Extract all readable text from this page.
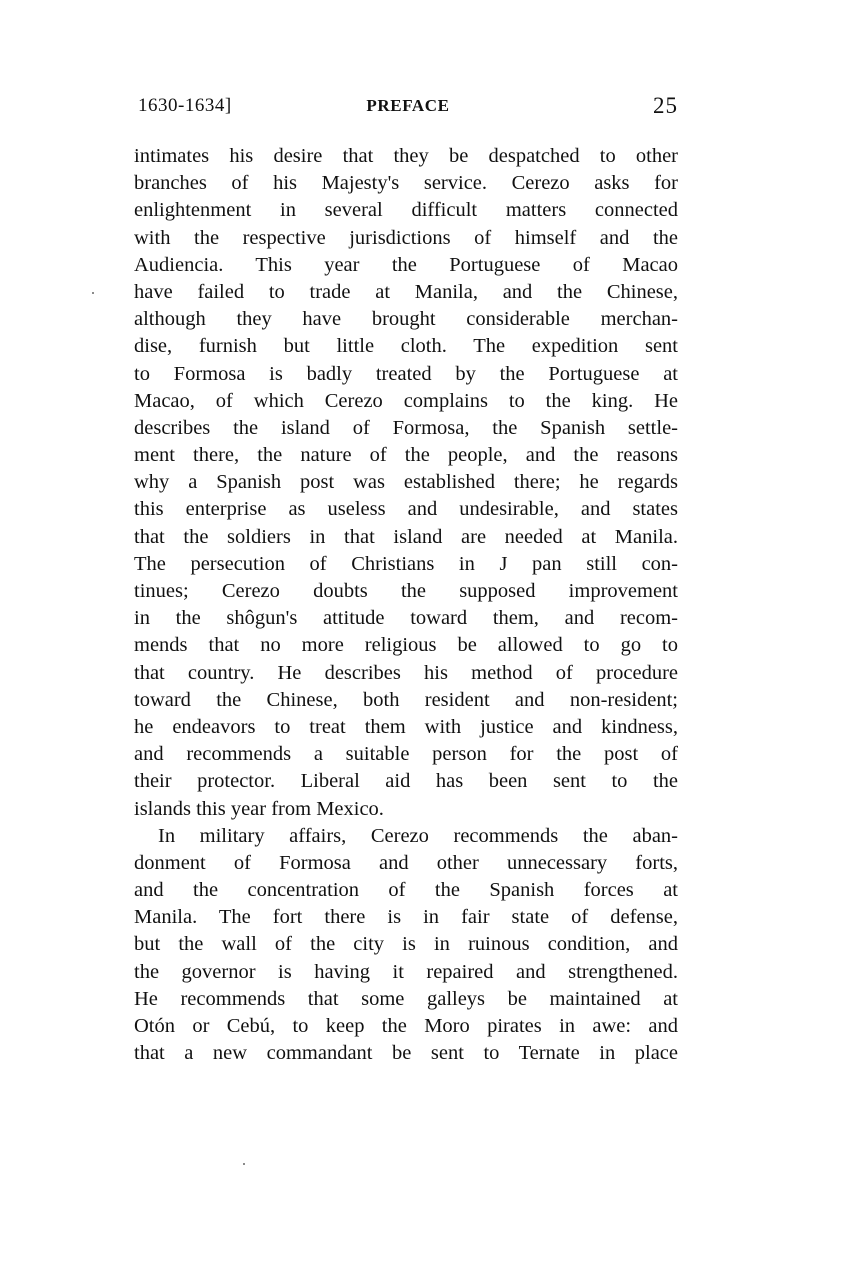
1630-1634]	PREFACE	25
intimates his desire that they be despatched to other
branches of his Majesty's service. Cerezo asks for
enlightenment in several difficult matters connected
with the respective jurisdictions of himself and the
Audiencia. This year the Portuguese of Macao
have failed to trade at Manila, and the Chinese,
although they have brought considerable merchan-
dise, furnish but little cloth. The expedition sent
to Formosa is badly treated by the Portuguese at
Macao, of which Cerezo complains to the king. He
describes the island of Formosa, the Spanish settle-
ment there, the nature of the people, and the reasons
why a Spanish post was established there; he regards
this enterprise as useless and undesirable, and states
that the soldiers in that island are needed at Manila.
The persecution of Christians in J pan still con-
tinues; Cerezo doubts the supposed improvement
in the shôgun's attitude toward them, and recom-
mends that no more religious be allowed to go to
that country. He describes his method of procedure
toward the Chinese, both resident and non-resident;
he endeavors to treat them with justice and kindness,
and recommends a suitable person for the post of
their protector. Liberal aid has been sent to the
islands this year from Mexico.
In military affairs, Cerezo recommends the aban-
donment of Formosa and other unnecessary forts,
and the concentration of the Spanish forces at
Manila. The fort there is in fair state of defense,
but the wall of the city is in ruinous condition, and
the governor is having it repaired and strengthened.
He recommends that some galleys be maintained at
Otón or Cebú, to keep the Moro pirates in awe: and
that a new commandant be sent to Ternate in place
